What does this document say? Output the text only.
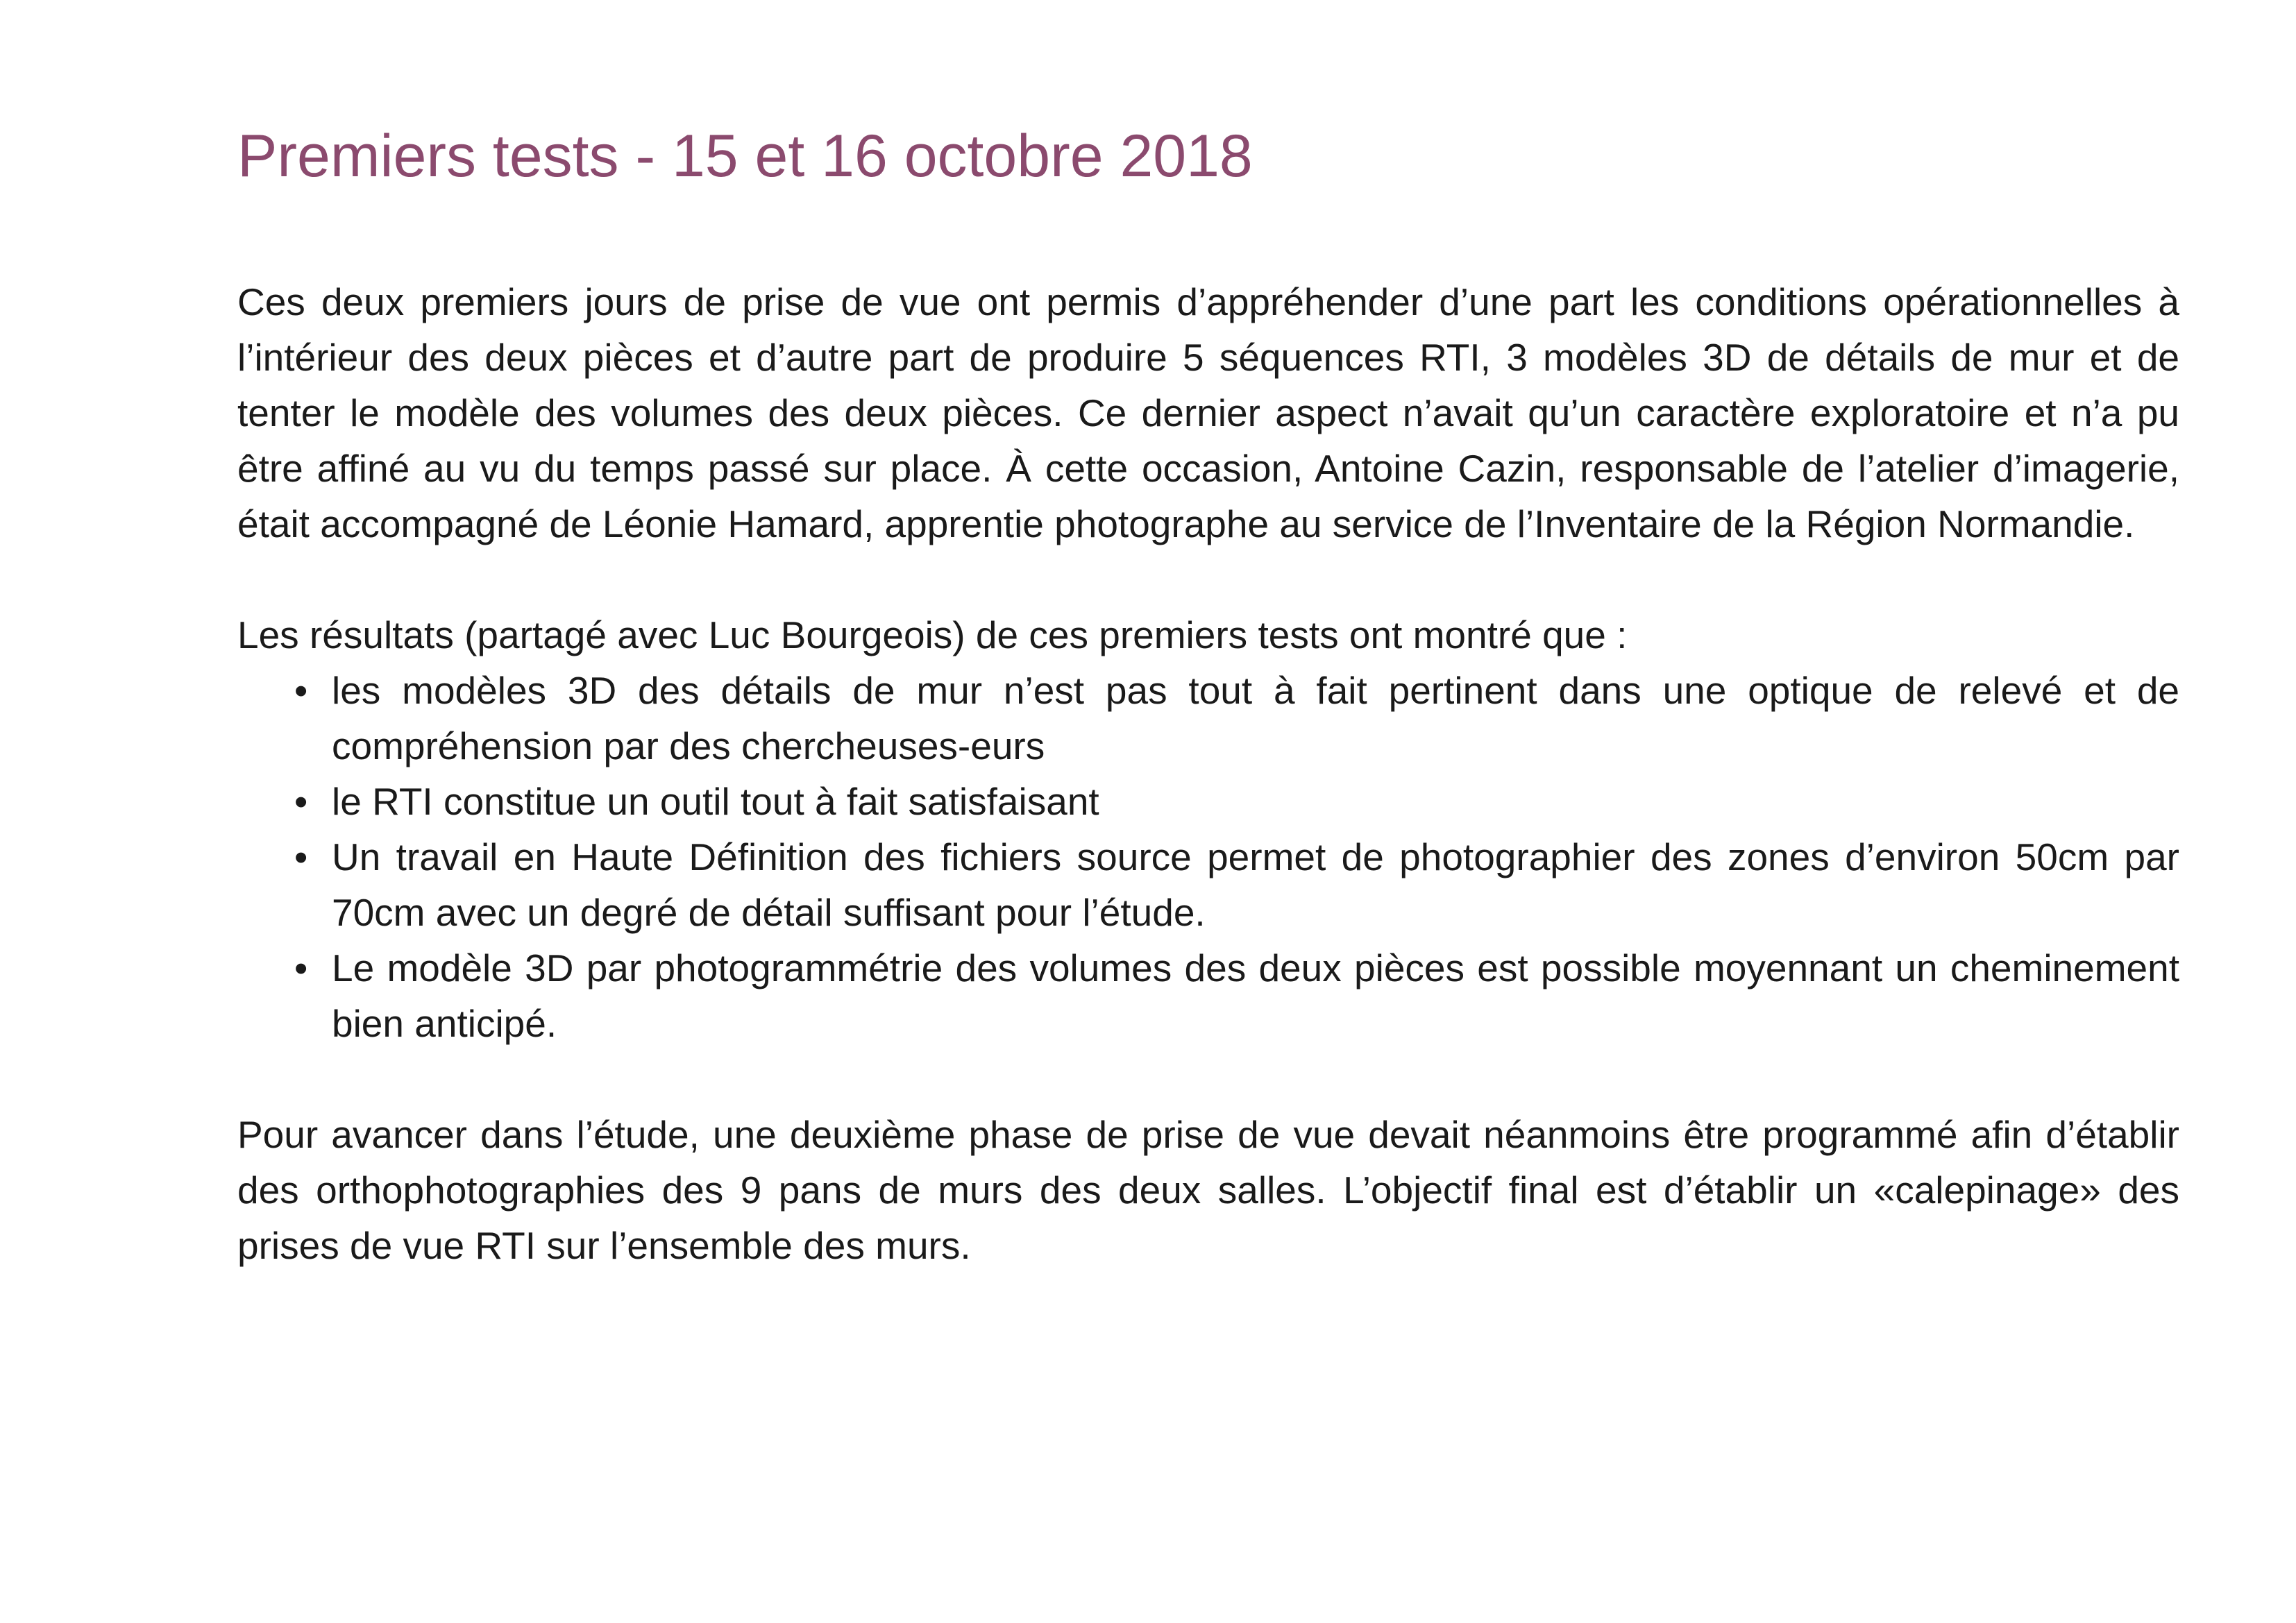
Premiers tests - 15 et 16 octobre 2018

Ces deux premiers jours de prise de vue ont permis d’appréhender d’une part les conditions opérationnelles à l’intérieur des deux pièces et d’autre part de produire 5 séquences RTI, 3 modèles 3D de détails de mur et de tenter le modèle des volumes des deux pièces. Ce dernier aspect n’avait qu’un caractère exploratoire et n’a pu être affiné au vu du temps passé sur place. À cette occasion, Antoine Cazin, responsable de l’atelier d’imagerie, était accompagné de Léonie Hamard, apprentie photographe au service de l’Inventaire de la Région Normandie.

Les résultats (partagé avec Luc Bourgeois) de ces premiers tests ont montré que :

• les modèles 3D des détails de mur n’est pas tout à fait pertinent dans une optique de relevé et de compréhension par des chercheuses-eurs
• le RTI constitue un outil tout à fait satisfaisant
• Un travail en Haute Définition des fichiers source permet de photographier des zones d’environ 50cm par 70cm avec un degré de détail suffisant pour l’étude.
• Le modèle 3D par photogrammétrie des volumes des deux pièces est possible moyennant un cheminement bien anticipé.

Pour avancer dans l’étude, une deuxième phase de prise de vue devait néanmoins être programmé afin d’établir des orthophotographies des 9 pans de murs des deux salles. L’objectif final est d’établir un «calepinage» des prises de vue RTI sur l’ensemble des murs.
